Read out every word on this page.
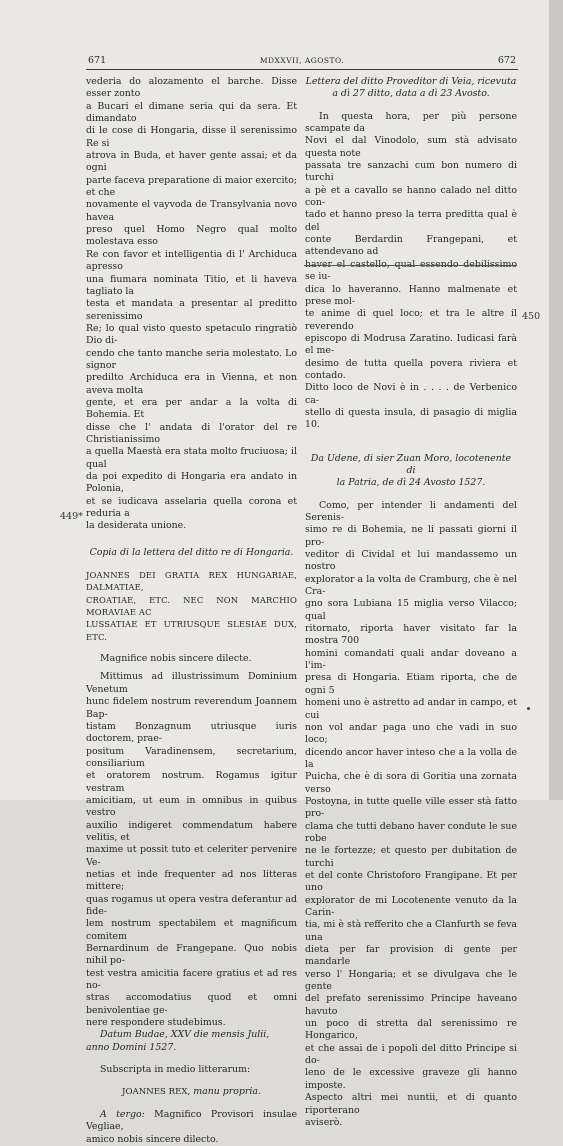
671	MDXXVII, AGOSTO.	672
449*
450
vederia do alozamento el barche. Disse esser zonto
a Bucari el dimane seria qui da sera. Et dimandato
di le cose di Hongaria, disse il serenissimo Re si
atrova in Buda, et haver gente assai; et da ogni
parte faceva preparatione di maior exercito; et che
novamente el vayvoda de Transylvania novo havea
preso quel Homo Negro qual molto molestava esso
Re con favor et intelligentia di l' Archiduca apresso
una fiumara nominata Titio, et li haveva tagliato la
testa et mandata a presentar al preditto serenissimo
Re; lo qual visto questo spetaculo ringratiò Dio di-
cendo che tanto manche seria molestato. Lo signor
predilto Archiduca era in Vienna, et non aveva molta
gente, et era per andar a la volta di Bohemia. Et
disse che l' andata di l'orator del re Christianissimo
a quella Maestà era stata molto fruciuosa; il qual
da poi expedito di Hongaria era andato in Polonia,
et se iudicava asselaria quella corona et reduria a
la desiderata unione.
Copia di la lettera del ditto re di Hongaria.
JOANNES DEI GRATIA REX HUNGARIAE, DALMATIAE,
CROATIAE, ETC. NEC NON MARCHIO MORAVIAE AC
LUSSATIAE ET UTRIUSQUE SLESIAE DUX, ETC.
Magnifice nobis sincere dilecte.
Mittimus ad illustrissimum Dominium Venetum
hunc fidelem nostrum reverendum Joannem Bap-
tistam Bonzagnum utriusque iuris doctorem, prae-
positum Varadinensem, secretarium, consiliarium
et oratorem nostrum. Rogamus igitur vestram
amicitiam, ut eum in omnibus in quibus vestro
auxilio indigeret commendatum habere velitis, et
maxime ut possit tuto et celeriter pervenire Ve-
netias et inde frequenter ad nos litteras mittere;
quas rogamus ut opera vestra deferantur ad fide-
lem nostrum spectabilem et magnificum comitem
Bernardinum de Frangepane. Quo nobis nihil po-
test vestra amicitia facere gratius et ad res no-
stras accomodatius quod et omni benivolentiae ge-
nere respondere studebimus.
Datum Budae, XXV die mensis Julii,
anno Domini 1527.
Subscripta in medio litterarum:
JOANNES REX, manu propria.
A tergo: Magnifico Provisori insulae Vegliae,
amico nobis sincere dilecto.
Lettera del ditto Proveditor di Veia, ricevuta
a dì 27 ditto, data a dì 23 Avosto.
In questa hora, per più persone scampate da
Novi el dal Vinodolo, sum stà advisato questa note
passata tre sanzachi cum bon numero di turchi
a pè et a cavallo se hanno calado nel ditto con-
tado et hanno preso la terra preditta qual è del
conte Berdardin Frangepani, et attendevano ad
se iu-
dica lo haveranno. Hanno malmenate et prese mol-
te anime di quel loco; et tra le altre il reverendo
episcopo di Modrusa Zaratino. Iudicasi farà el me-
desimo de tutta quella povera riviera et contado.
Ditto loco de Novi è in . . . . de Verbenico ca-
stello di questa insula, di pasagio di miglia 10.
Da Udene, di sier Zuan Moro, locotenente di
la Patria, de dì 24 Avosto 1527.
Como, per intender li andamenti del Serenis-
simo re di Bohemia, ne li passati giorni il pro-
veditor di Cividal et lui mandassemo un nostro
explorator a la volta de Cramburg, che è nel Cra-
gno sora Lubiana 15 miglia verso Vilacco; qual
ritornato, riporta haver visitato far la mostra 700
homini comandati quali andar doveano a l'im-
presa di Hongaria. Etiam riporta, che de ogni 5
homeni uno è astretto ad andar in campo, et cui
non vol andar paga uno che vadi in suo loco;
dicendo ancor haver inteso che a la volla de la
Puicha, che è di sora di Goritia una zornata verso
Postoyna, in tutte quelle ville esser stà fatto pro-
clama che tutti debano haver condute le sue robe
ne le fortezze; et questo per dubitation de turchi
et del conte Christoforo Frangipane. Et per uno
explorator de mi Locotenente venuto da la Carin-
tia, mi è stà refferito che a Clanfurth se feva una
dieta per far provision di gente per mandarle
verso l' Hongaria; et se divulgava che le gente
del prefato serenissimo Principe haveano havuto
un poco di stretta dal serenissimo re Hongarico,
et che assai de i popoli del ditto Principe si do-
leno de le excessive graveze gli hanno imposte.
Aspecto altri mei nuntii, et di quanto riporterano
aviserò.
